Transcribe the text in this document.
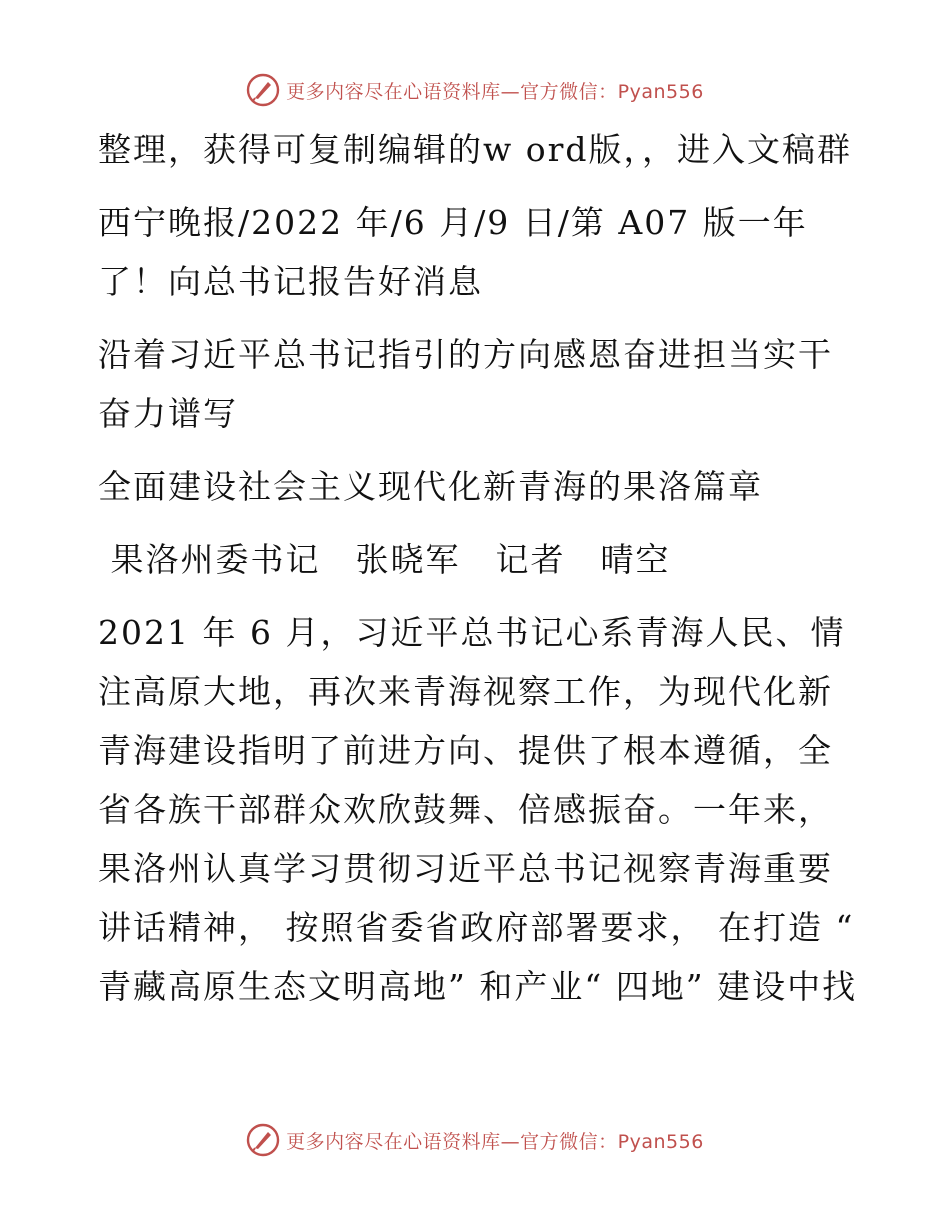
更多内容尽在心语资料库—官方微信：Pyan556

整理，获得可复制编辑的w ord版，，进入文稿群

西宁晚报/2022 年/6 月/9 日/第 A07 版一年了！向总书记报告好消息

沿着习近平总书记指引的方向感恩奋进担当实干奋力谱写

全面建设社会主义现代化新青海的果洛篇章

果洛州委书记　张晓军　记者　晴空

2021 年 6 月，习近平总书记心系青海人民、情注高原大地，再次来青海视察工作，为现代化新青海建设指明了前进方向、提供了根本遵循，全省各族干部群众欢欣鼓舞、倍感振奋。一年来，果洛州认真学习贯彻习近平总书记视察青海重要讲话精神， 按照省委省政府部署要求， 在打造 “ 青藏高原生态文明高地” 和产业“ 四地” 建设中找

更多内容尽在心语资料库—官方微信：Pyan556
